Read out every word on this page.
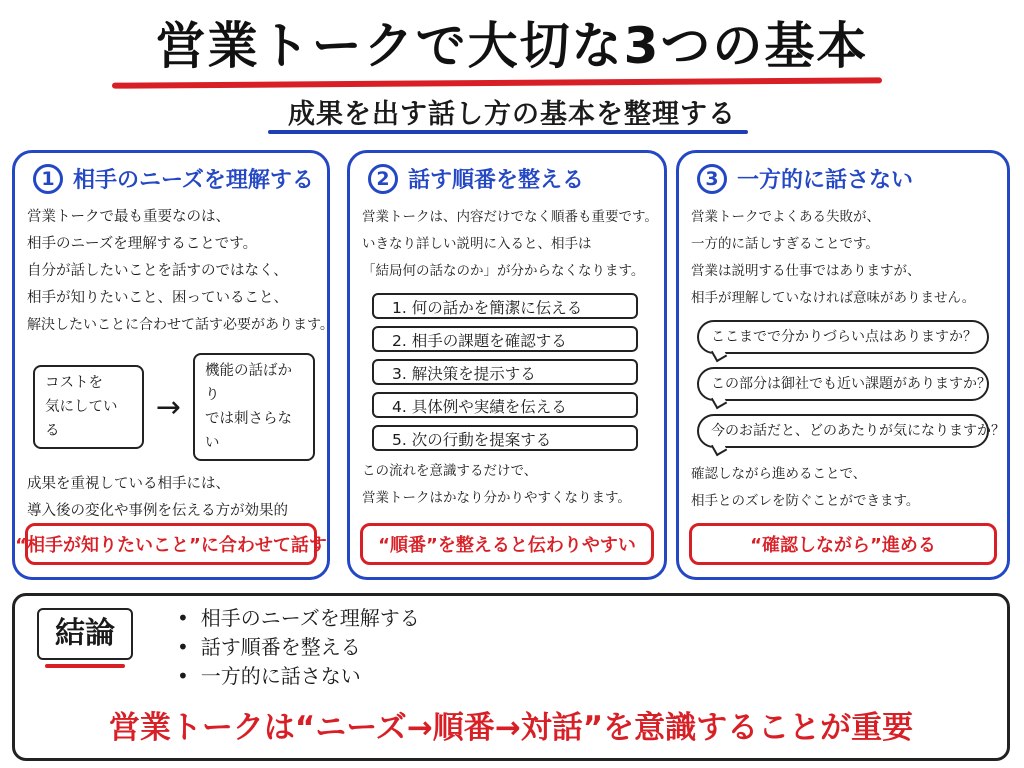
営業トークで大切な3つの基本
成果を出す話し方の基本を整理する
1 相手のニーズを理解する
営業トークで最も重要なのは、
相手のニーズを理解することです。
自分が話したいことを話すのではなく、
相手が知りたいこと、困っていること、
解決したいことに合わせて話す必要があります。
コストを
気にしている
→
機能の話ばかり
では刺さらない
成果を重視している相手には、
導入後の変化や事例を伝える方が効果的
“相手が知りたいこと”に合わせて話す
2 話す順番を整える
営業トークは、内容だけでなく順番も重要です。
いきなり詳しい説明に入ると、相手は
「結局何の話なのか」が分からなくなります。
1. 何の話かを簡潔に伝える
2. 相手の課題を確認する
3. 解決策を提示する
4. 具体例や実績を伝える
5. 次の行動を提案する
この流れを意識するだけで、
営業トークはかなり分かりやすくなります。
“順番”を整えると伝わりやすい
3 一方的に話さない
営業トークでよくある失敗が、
一方的に話しすぎることです。
営業は説明する仕事ではありますが、
相手が理解していなければ意味がありません。
ここまでで分かりづらい点はありますか？
この部分は御社でも近い課題がありますか？
今のお話だと、どのあたりが気になりますか？
確認しながら進めることで、
相手とのズレを防ぐことができます。
“確認しながら”進める
結論
•	相手のニーズを理解する
• 話す順番を整える
• 一方的に話さない
営業トークは“ニーズ→順番→対話”を意識することが重要
